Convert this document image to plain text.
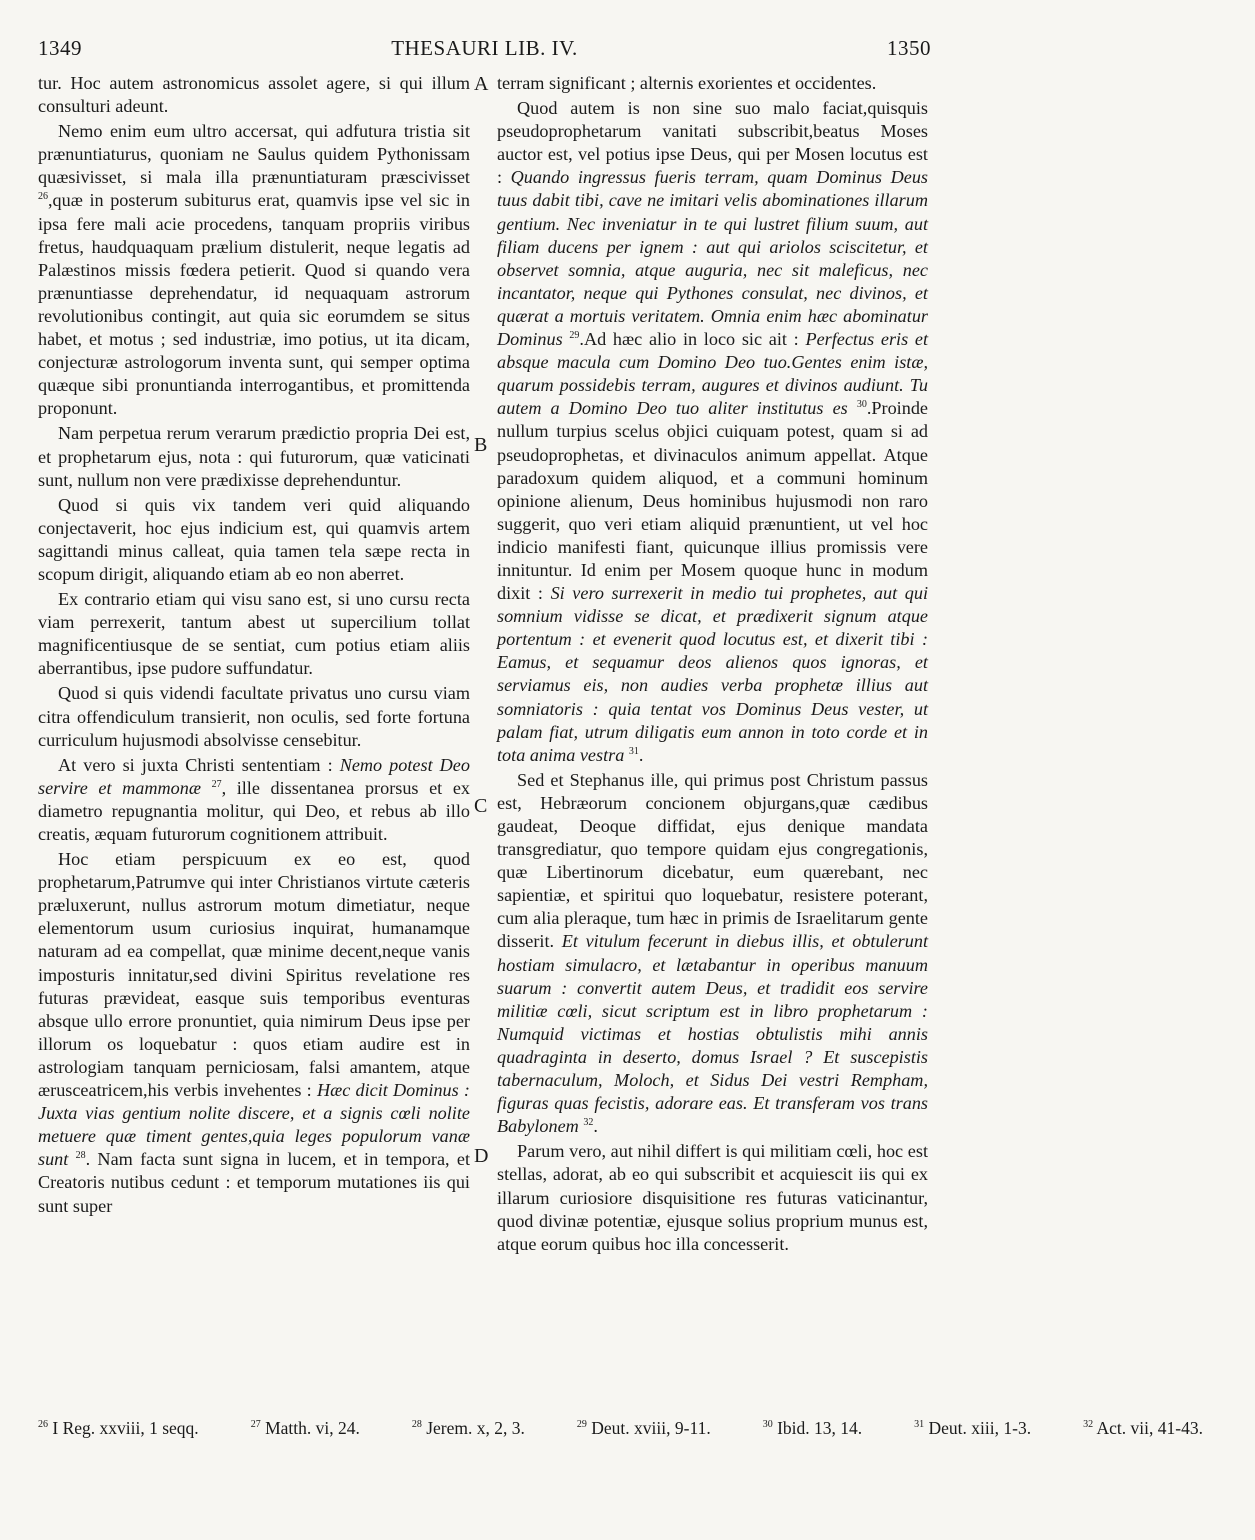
1349	THESAURI LIB. IV.	1350

tur. Hoc autem astronomicus assolet agere, si qui illum consulturi adeunt.

Nemo enim eum ultro accersat, qui adfutura tristia sit prænuntiaturus, quoniam ne Saulus quidem Pythonissam quæsivisset, si mala illa prænuntiaturam præscivisset $^{26}$,quæ in posterum subiturus erat, quamvis ipse vel sic in ipsa fere mali acie procedens, tanquam propriis viribus fretus, haudquaquam prælium distulerit, neque legatis ad Palæstinos missis fœdera petierit. Quod si quando vera prænuntiasse deprehendatur, id nequaquam astrorum revolutionibus contingit, aut quia sic eorumdem se situs habet, et motus ; sed industriæ, imo potius, ut ita dicam, conjecturæ astrologorum inventa sunt, qui semper optima quæque sibi pronuntianda interrogantibus, et promittenda proponunt.

Nam perpetua rerum verarum prædictio propria Dei est, et prophetarum ejus, nota : qui futurorum, quæ vaticinati sunt, nullum non vere prædixisse deprehenduntur.

Quod si quis vix tandem veri quid aliquando conjectaverit, hoc ejus indicium est, qui quamvis artem sagittandi minus calleat, quia tamen tela sæpe recta in scopum dirigit, aliquando etiam ab eo non aberret.

Ex contrario etiam qui visu sano est, si uno cursu recta viam perrexerit, tantum abest ut supercilium tollat magnificentiusque de se sentiat, cum potius etiam aliis aberrantibus, ipse pudore suffundatur.

Quod si quis videndi facultate privatus uno cursu viam citra offendiculum transierit, non oculis, sed forte fortuna curriculum hujusmodi absolvisse censebitur.

At vero si juxta Christi sententiam : Nemo potest Deo servire et mammonæ $^{27}$, ille dissentanea prorsus et ex diametro repugnantia molitur, qui Deo, et rebus ab illo creatis, æquam futurorum cognitionem attribuit.

Hoc etiam perspicuum ex eo est, quod prophetarum,Patrumve qui inter Christianos virtute cæteris præluxerunt, nullus astrorum motum dimetiatur, neque elementorum usum curiosius inquirat, humanamque naturam ad ea compellat, quæ minime decent,neque vanis imposturis innitatur,sed divini Spiritus revelatione res futuras prævideat, easque suis temporibus eventuras absque ullo errore pronuntiet, quia nimirum Deus ipse per illorum os loquebatur : quos etiam audire est in astrologiam tanquam perniciosam, falsi amantem, atque ærusceatricem,his verbis invehentes : Hæc dicit Dominus : Juxta vias gentium nolite discere, et a signis cœli nolite metuere quæ timent gentes,quia leges populorum vanæ sunt $^{28}$. Nam facta sunt signa in lucem, et in tempora, et Creatoris nutibus cedunt : et temporum mutationes iis qui sunt super

terram significant ; alternis exorientes et occidentes.

Quod autem is non sine suo malo faciat,quisquis pseudoprophetarum vanitati subscribit,beatus Moses auctor est, vel potius ipse Deus, qui per Mosen locutus est : Quando ingressus fueris terram, quam Dominus Deus tuus dabit tibi, cave ne imitari velis abominationes illarum gentium. Nec inveniatur in te qui lustret filium suum, aut filiam ducens per ignem : aut qui ariolos sciscitetur, et observet somnia, atque auguria, nec sit maleficus, nec incantator, neque qui Pythones consulat, nec divinos, et quærat a mortuis veritatem. Omnia enim hæc abominatur Dominus $^{29}$.Ad hæc alio in loco sic ait : Perfectus eris et absque macula cum Domino Deo tuo.Gentes enim istæ, quarum possidebis terram, augures et divinos audiunt. Tu autem a Domino Deo tuo aliter institutus es $^{30}$.Proinde nullum turpius scelus objici cuiquam potest, quam si ad pseudoprophetas, et divinaculos animum appellat. Atque paradoxum quidem aliquod, et a communi hominum opinione alienum, Deus hominibus hujusmodi non raro suggerit, quo veri etiam aliquid prænuntient, ut vel hoc indicio manifesti fiant, quicunque illius promissis vere innituntur. Id enim per Mosem quoque hunc in modum dixit : Si vero surrexerit in medio tui prophetes, aut qui somnium vidisse se dicat, et prædixerit signum atque portentum : et evenerit quod locutus est, et dixerit tibi : Eamus, et sequamur deos alienos quos ignoras, et serviamus eis, non audies verba prophetæ illius aut somniatoris : quia tentat vos Dominus Deus vester, ut palam fiat, utrum diligatis eum annon in toto corde et in tota anima vestra $^{31}$.

Sed et Stephanus ille, qui primus post Christum passus est, Hebræorum concionem objurgans,quæ cædibus gaudeat, Deoque diffidat, ejus denique mandata transgrediatur, quo tempore quidam ejus congregationis, quæ Libertinorum dicebatur, eum quærebant, nec sapientiæ, et spiritui quo loquebatur, resistere poterant, cum alia pleraque, tum hæc in primis de Israelitarum gente disserit. Et vitulum fecerunt in diebus illis, et obtulerunt hostiam simulacro, et lætabantur in operibus manuum suarum : convertit autem Deus, et tradidit eos servire militiæ cœli, sicut scriptum est in libro prophetarum : Numquid victimas et hostias obtulistis mihi annis quadraginta in deserto, domus Israel ? Et suscepistis tabernaculum, Moloch, et Sidus Dei vestri Rempham, figuras quas fecistis, adorare eas. Et transferam vos trans Babylonem $^{32}$.

Parum vero, aut nihil differt is qui militiam cœli, hoc est stellas, adorat, ab eo qui subscribit et acquiescit iis qui ex illarum curiosiore disquisitione res futuras vaticinantur, quod divinæ potentiæ, ejusque solius proprium munus est, atque eorum quibus hoc illa concesserit.

A
B
C
D
$^{26}$ I Reg. xxviii, 1 seqq.	$^{27}$ Matth. vi, 24.	$^{28}$ Jerem. x, 2, 3.	$^{29}$ Deut. xviii, 9-11.	$^{30}$ Ibid. 13, 14.	$^{31}$ Deut. xiii, 1-3.	$^{32}$ Act. vii, 41-43.
